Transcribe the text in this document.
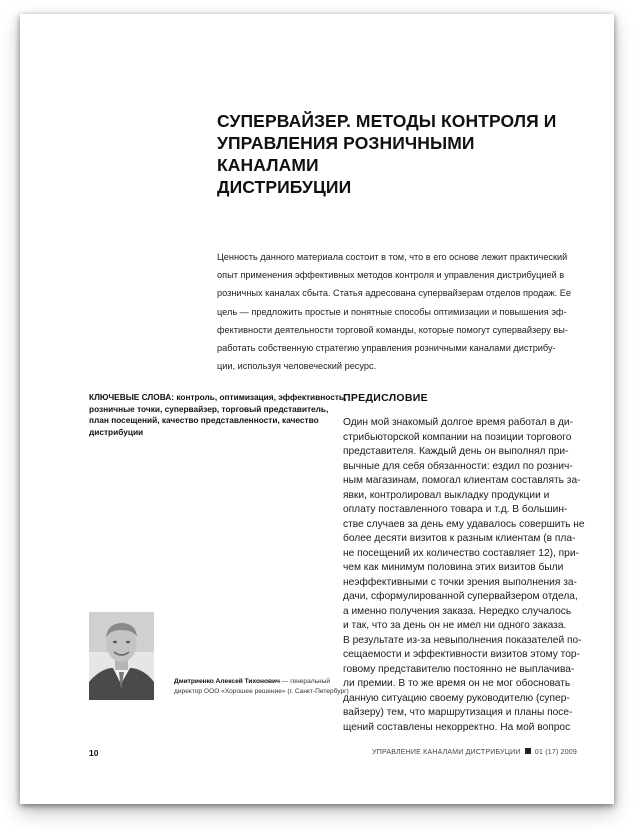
СУПЕРВАЙЗЕР. МЕТОДЫ КОНТРОЛЯ И
УПРАВЛЕНИЯ РОЗНИЧНЫМИ КАНАЛАМИ
ДИСТРИБУЦИИ
Ценность данного материала состоит в том, что в его основе лежит практический
опыт применения эффективных методов контроля и управления дистрибуцией в
розничных каналах сбыта. Статья адресована супервайзерам отделов продаж. Ее
цель — предложить простые и понятные способы оптимизации и повышения эф-
фективности деятельности торговой команды, которые помогут супервайзеру вы-
работать собственную стратегию управления розничными каналами дистрибу-
ции, используя человеческий ресурс.
КЛЮЧЕВЫЕ СЛОВА: контроль, оптимизация, эффективность,
розничные точки, супервайзер, торговый представитель,
план посещений, качество представленности, качество
дистрибуции
ПРЕДИСЛОВИЕ
Один мой знакомый долгое время работал в ди-
стрибьюторской компании на позиции торгового
представителя. Каждый день он выполнял при-
вычные для себя обязанности: ездил по рознич-
ным магазинам, помогал клиентам составлять за-
явки, контролировал выкладку продукции и
оплату поставленного товара и т.д. В большин-
стве случаев за день ему удавалось совершить не
более десяти визитов к разным клиентам (в пла-
не посещений их количество составляет 12), при-
чем как минимум половина этих визитов были
неэффективными с точки зрения выполнения за-
дачи, сформулированной супервайзером отдела,
а именно получения заказа. Нередко случалось
и так, что за день он не имел ни одного заказа.
В результате из-за невыполнения показателей по-
сещаемости и эффективности визитов этому тор-
говому представителю постоянно не выплачива-
ли премии. В то же время он не мог обосновать
данную ситуацию своему руководителю (супер-
вайзеру) тем, что маршрутизация и планы посе-
щений составлены некорректно. На мой вопрос
Дмитриенко Алексей Тихонович — генеральный
директор ООО «Хорошее решение» (г. Санкт-Петербург)
10	УПРАВЛЕНИЕ КАНАЛАМИ ДИСТРИБУЦИИ 01 (17) 2009
